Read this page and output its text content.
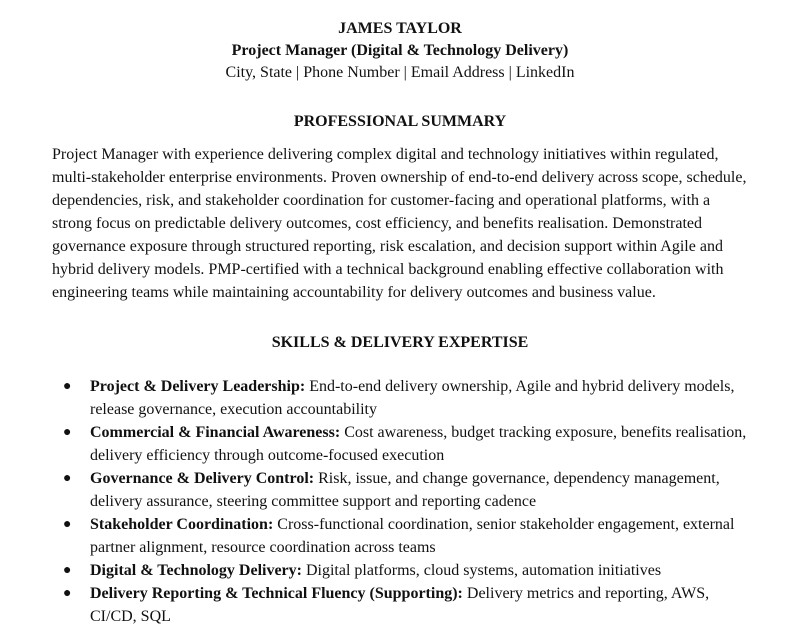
JAMES TAYLOR

Project Manager (Digital & Technology Delivery)

City, State | Phone Number | Email Address | LinkedIn

PROFESSIONAL SUMMARY

Project Manager with experience delivering complex digital and technology initiatives within regulated, multi-stakeholder enterprise environments. Proven ownership of end-to-end delivery across scope, schedule, dependencies, risk, and stakeholder coordination for customer-facing and operational platforms, with a strong focus on predictable delivery outcomes, cost efficiency, and benefits realisation. Demonstrated governance exposure through structured reporting, risk escalation, and decision support within Agile and hybrid delivery models. PMP-certified with a technical background enabling effective collaboration with engineering teams while maintaining accountability for delivery outcomes and business value.

SKILLS & DELIVERY EXPERTISE

● Project & Delivery Leadership: End-to-end delivery ownership, Agile and hybrid delivery models, release governance, execution accountability
● Commercial & Financial Awareness: Cost awareness, budget tracking exposure, benefits realisation, delivery efficiency through outcome-focused execution
● Governance & Delivery Control: Risk, issue, and change governance, dependency management, delivery assurance, steering committee support and reporting cadence
● Stakeholder Coordination: Cross-functional coordination, senior stakeholder engagement, external partner alignment, resource coordination across teams
● Digital & Technology Delivery: Digital platforms, cloud systems, automation initiatives
● Delivery Reporting & Technical Fluency (Supporting): Delivery metrics and reporting, AWS, CI/CD, SQL
